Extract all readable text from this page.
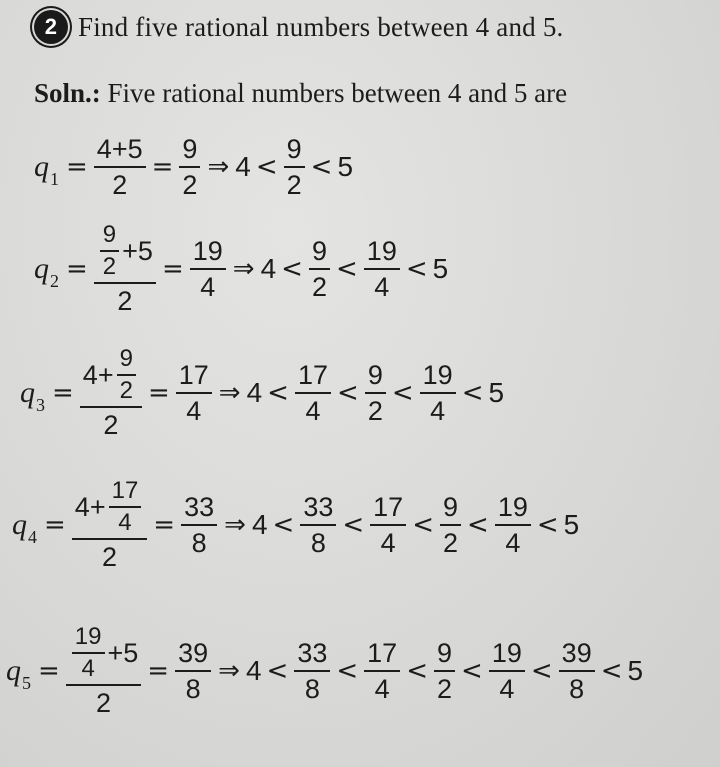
2 Find five rational numbers between 4 and 5.
Soln.: Five rational numbers between 4 and 5 are
$q_1 = \frac{4+5}{2} = \frac{9}{2}$ ⇒ $4 < \frac{9}{2} < 5$
$q_2 = \frac{\frac{9}{2} +5}{2} = \frac{19}{4}$ ⇒ $4 < \frac{9}{2} < \frac{19}{4} < 5$
$q_3 = \frac{4+ \frac{9}{2}}{2} = \frac{17}{4}$ ⇒ $4 < \frac{17}{4} < \frac{9}{2} < \frac{19}{4} < 5$
$q_4 = \frac{4+ \frac{17}{4}}{2} = \frac{33}{8}$ ⇒ $4 < \frac{33}{8} < \frac{17}{4} < \frac{9}{2} < \frac{19}{4} < 5$
$q_5 = \frac{\frac{19}{4} +5}{2} = \frac{39}{8}$ ⇒ $4 < \frac{33}{8} < \frac{17}{4} < \frac{9}{2} < \frac{19}{4} < \frac{39}{8} < 5$
